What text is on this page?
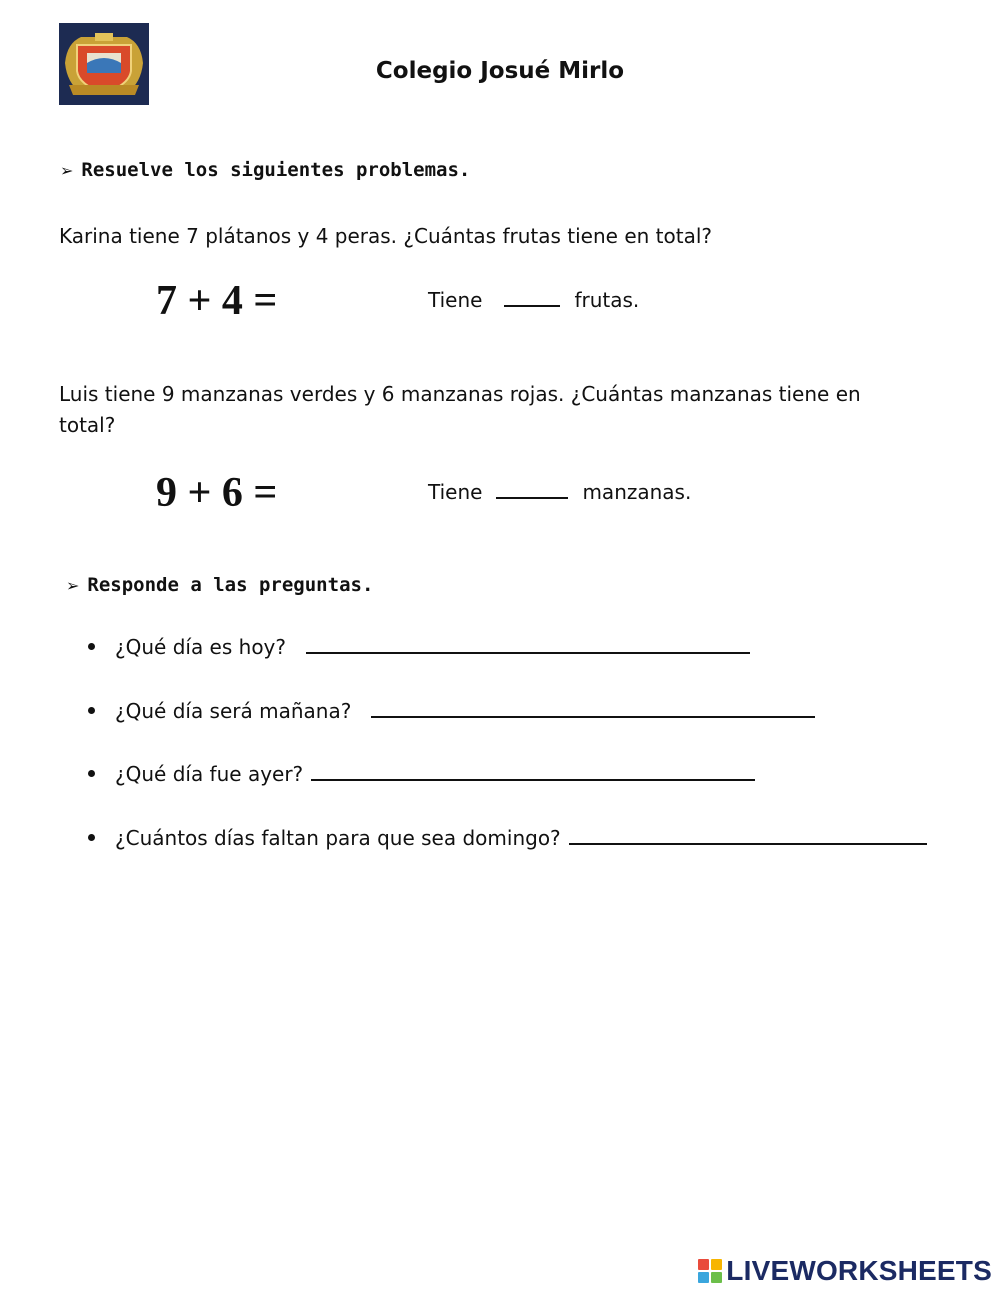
Colegio Josué Mirlo
➢ Resuelve los siguientes problemas.
Karina tiene 7 plátanos y 4 peras. ¿Cuántas frutas tiene en total?
7 + 4 =	Tiene	frutas.
Luis tiene 9 manzanas verdes y 6 manzanas rojas. ¿Cuántas manzanas tiene en
total?
9 + 6 =	Tiene	manzanas.
➢ Responde a las preguntas.
¿Qué día es hoy?
¿Qué día será mañana?
¿Qué día fue ayer?
¿Cuántos días faltan para que sea domingo?
LIVEWORKSHEETS
